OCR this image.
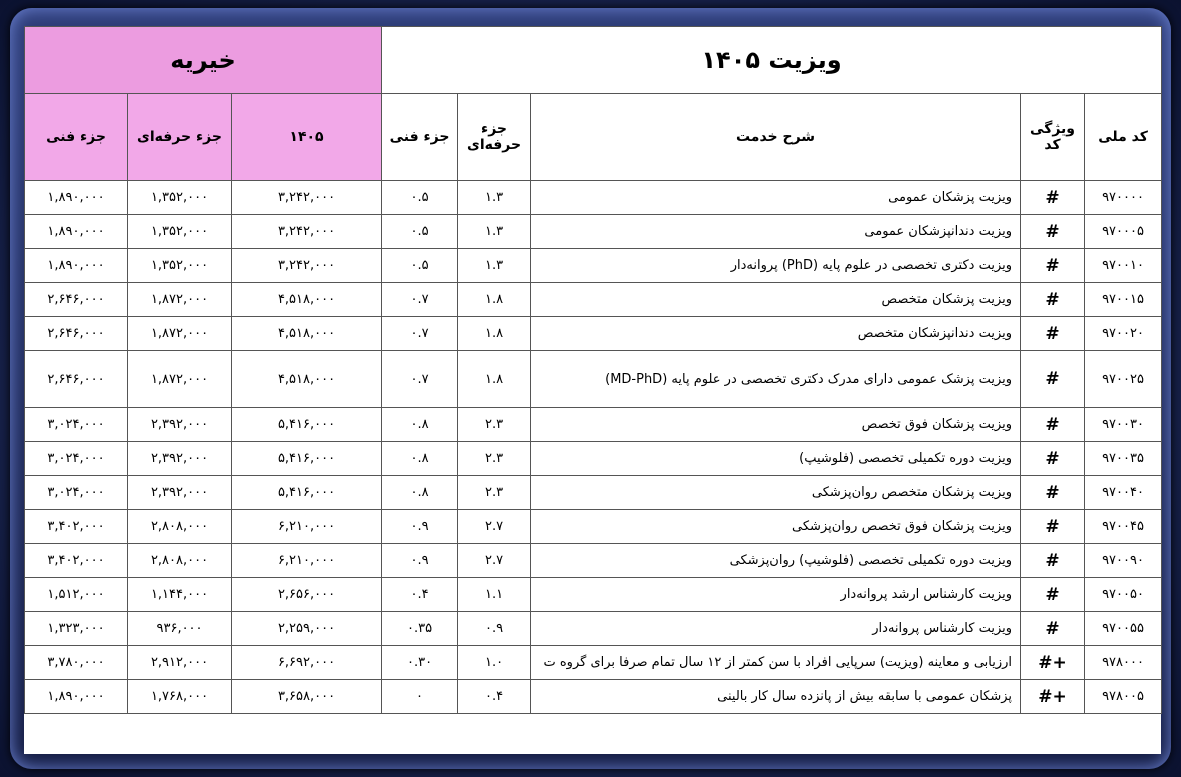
ویزیت ۱۴۰۵					خیریه		
کد ملی	ویژگی کد	شرح خدمت	جزء حرفه‌ای	جزء فنی	۱۴۰۵	جزء حرفه‌ای	جزء فنی
۹۷۰۰۰۰	#	ویزیت پزشکان عمومی	۱.۳	۰.۵	۳,۲۴۲,۰۰۰	۱,۳۵۲,۰۰۰	۱,۸۹۰,۰۰۰
۹۷۰۰۰۵	#	ویزیت دندانپزشکان عمومی	۱.۳	۰.۵	۳,۲۴۲,۰۰۰	۱,۳۵۲,۰۰۰	۱,۸۹۰,۰۰۰
۹۷۰۰۱۰	#	ویزیت دکتری تخصصی در علوم پایه (PhD) پروانه‌دار	۱.۳	۰.۵	۳,۲۴۲,۰۰۰	۱,۳۵۲,۰۰۰	۱,۸۹۰,۰۰۰
۹۷۰۰۱۵	#	ویزیت پزشکان متخصص	۱.۸	۰.۷	۴,۵۱۸,۰۰۰	۱,۸۷۲,۰۰۰	۲,۶۴۶,۰۰۰
۹۷۰۰۲۰	#	ویزیت دندانپزشکان متخصص	۱.۸	۰.۷	۴,۵۱۸,۰۰۰	۱,۸۷۲,۰۰۰	۲,۶۴۶,۰۰۰
۹۷۰۰۲۵	#	ویزیت پزشک عمومی دارای مدرک دکتری تخصصی در علوم پایه (MD-PhD)	۱.۸	۰.۷	۴,۵۱۸,۰۰۰	۱,۸۷۲,۰۰۰	۲,۶۴۶,۰۰۰
۹۷۰۰۳۰	#	ویزیت پزشکان فوق تخصص	۲.۳	۰.۸	۵,۴۱۶,۰۰۰	۲,۳۹۲,۰۰۰	۳,۰۲۴,۰۰۰
۹۷۰۰۳۵	#	ویزیت دوره تکمیلی تخصصی (فلوشیپ)	۲.۳	۰.۸	۵,۴۱۶,۰۰۰	۲,۳۹۲,۰۰۰	۳,۰۲۴,۰۰۰
۹۷۰۰۴۰	#	ویزیت پزشکان متخصص روان‌پزشکی	۲.۳	۰.۸	۵,۴۱۶,۰۰۰	۲,۳۹۲,۰۰۰	۳,۰۲۴,۰۰۰
۹۷۰۰۴۵	#	ویزیت پزشکان فوق تخصص روان‌پزشکی	۲.۷	۰.۹	۶,۲۱۰,۰۰۰	۲,۸۰۸,۰۰۰	۳,۴۰۲,۰۰۰
۹۷۰۰۹۰	#	ویزیت دوره تکمیلی تخصصی (فلوشیپ) روان‌پزشکی	۲.۷	۰.۹	۶,۲۱۰,۰۰۰	۲,۸۰۸,۰۰۰	۳,۴۰۲,۰۰۰
۹۷۰۰۵۰	#	ویزیت کارشناس ارشد پروانه‌دار	۱.۱	۰.۴	۲,۶۵۶,۰۰۰	۱,۱۴۴,۰۰۰	۱,۵۱۲,۰۰۰
۹۷۰۰۵۵	#	ویزیت کارشناس پروانه‌دار	۰.۹	۰.۳۵	۲,۲۵۹,۰۰۰	۹۳۶,۰۰۰	۱,۳۲۳,۰۰۰
۹۷۸۰۰۰	+#	ارزیابی و معاینه (ویزیت) سرپایی افراد با سن کمتر از ۱۲ سال تمام صرفا برای گروه ت	۱.۰	۰.۳۰	۶,۶۹۲,۰۰۰	۲,۹۱۲,۰۰۰	۳,۷۸۰,۰۰۰
۹۷۸۰۰۵	+#	پزشکان عمومی با سابقه بیش از پانزده سال کار بالینی	۰.۴	۰	۳,۶۵۸,۰۰۰	۱,۷۶۸,۰۰۰	۱,۸۹۰,۰۰۰
